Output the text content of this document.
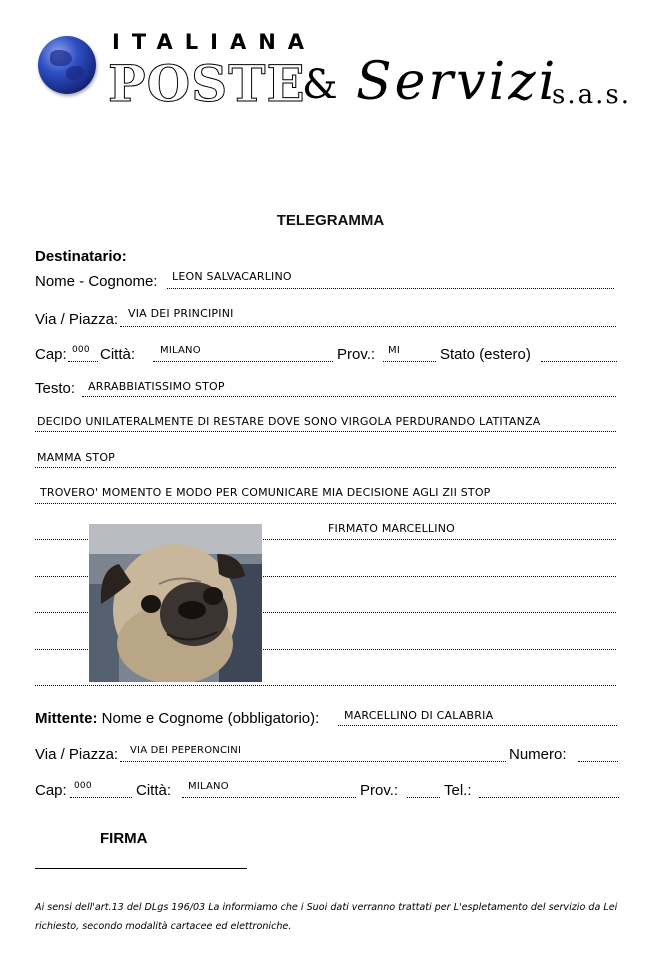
ITALIANA
POSTE
& Servizi
s.a.s.
TELEGRAMMA
Destinatario:
Nome - Cognome: LEON SALVACARLINO
Via / Piazza: VIA DEI PRINCIPINI
Cap: 000 Città: MILANO	Prov.: MI	Stato (estero)
Testo: ARRABBIATISSIMO STOP
DECIDO UNILATERALMENTE DI RESTARE DOVE SONO VIRGOLA PERDURANDO LATITANZA
MAMMA STOP
TROVERO' MOMENTO E MODO PER COMUNICARE MIA DECISIONE AGLI ZII STOP
FIRMATO MARCELLINO
Mittente: Nome e Cognome (obbligatorio): MARCELLINO DI CALABRIA
Via / Piazza: VIA DEI PEPERONCINI	Numero:
Cap: 000	Città: MILANO	Prov.:	Tel.:
FIRMA
Ai sensi dell'art.13 del DLgs 196/03 La informiamo che i Suoi dati verranno trattati per L'espletamento del servizio da Lei richiesto, secondo modalità cartacee ed elettroniche.
